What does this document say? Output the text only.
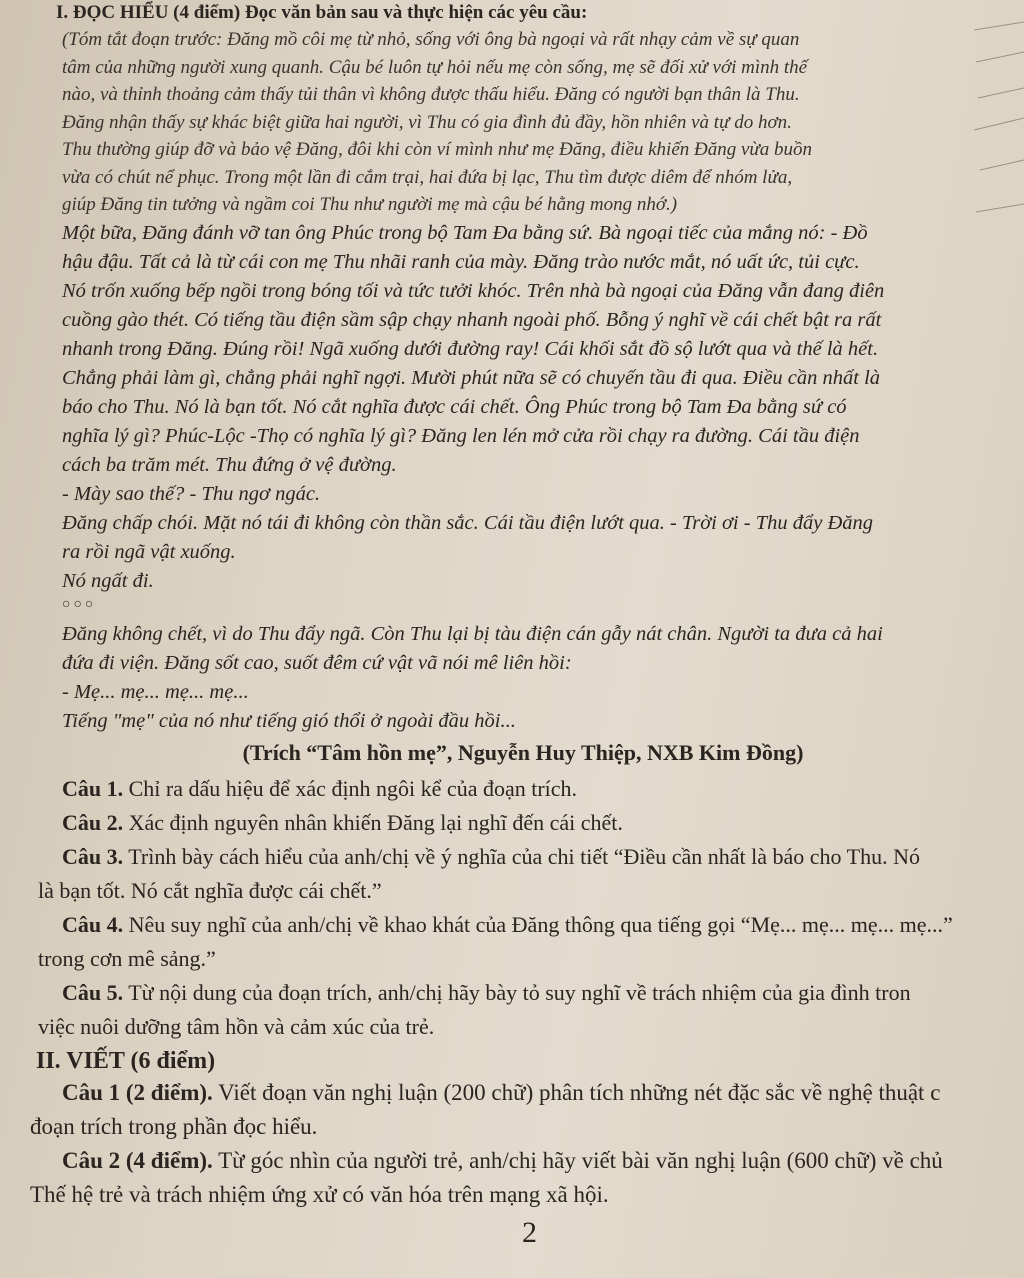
I. ĐỌC HIỂU (4 điểm) Đọc văn bản sau và thực hiện các yêu cầu:

(Tóm tắt đoạn trước: Đăng mồ côi mẹ từ nhỏ, sống với ông bà ngoại và rất nhạy cảm về sự quan
tâm của những người xung quanh. Cậu bé luôn tự hỏi nếu mẹ còn sống, mẹ sẽ đối xử với mình thế
nào, và thỉnh thoảng cảm thấy tủi thân vì không được thấu hiểu. Đăng có người bạn thân là Thu.
Đăng nhận thấy sự khác biệt giữa hai người, vì Thu có gia đình đủ đầy, hồn nhiên và tự do hơn.
Thu thường giúp đỡ và bảo vệ Đăng, đôi khi còn ví mình như mẹ Đăng, điều khiến Đăng vừa buồn
vừa có chút nể phục. Trong một lần đi cắm trại, hai đứa bị lạc, Thu tìm được diêm để nhóm lửa,
giúp Đăng tin tưởng và ngầm coi Thu như người mẹ mà cậu bé hằng mong nhớ.)

Một bữa, Đăng đánh vỡ tan ông Phúc trong bộ Tam Đa bằng sứ. Bà ngoại tiếc của mắng nó: - Đồ
hậu đậu. Tất cả là từ cái con mẹ Thu nhãi ranh của mày. Đăng trào nước mắt, nó uất ức, tủi cực.
Nó trốn xuống bếp ngồi trong bóng tối và tức tưởi khóc. Trên nhà bà ngoại của Đăng vẫn đang điên
cuồng gào thét. Có tiếng tầu điện sầm sập chạy nhanh ngoài phố. Bỗng ý nghĩ về cái chết bật ra rất
nhanh trong Đăng. Đúng rồi! Ngã xuống dưới đường ray! Cái khối sắt đồ sộ lướt qua và thế là hết.
Chẳng phải làm gì, chẳng phải nghĩ ngợi. Mười phút nữa sẽ có chuyến tầu đi qua. Điều cần nhất là
báo cho Thu. Nó là bạn tốt. Nó cắt nghĩa được cái chết. Ông Phúc trong bộ Tam Đa bằng sứ có
nghĩa lý gì? Phúc-Lộc -Thọ có nghĩa lý gì? Đăng len lén mở cửa rồi chạy ra đường. Cái tầu điện
cách ba trăm mét. Thu đứng ở vệ đường.
- Mày sao thế? - Thu ngơ ngác.
Đăng chấp chói. Mặt nó tái đi không còn thần sắc. Cái tầu điện lướt qua. - Trời ơi - Thu đẩy Đăng
ra rồi ngã vật xuống.
Nó ngất đi.

○○○

Đăng không chết, vì do Thu đẩy ngã. Còn Thu lại bị tàu điện cán gẫy nát chân. Người ta đưa cả hai
đứa đi viện. Đăng sốt cao, suốt đêm cứ vật vã nói mê liên hồi:
- Mẹ... mẹ... mẹ... mẹ...
Tiếng "mẹ" của nó như tiếng gió thổi ở ngoài đầu hồi...

(Trích “Tâm hồn mẹ”, Nguyễn Huy Thiệp, NXB Kim Đồng)

Câu 1. Chỉ ra dấu hiệu để xác định ngôi kể của đoạn trích.

Câu 2. Xác định nguyên nhân khiến Đăng lại nghĩ đến cái chết.

Câu 3. Trình bày cách hiểu của anh/chị về ý nghĩa của chi tiết “Điều cần nhất là báo cho Thu. Nó

là bạn tốt. Nó cắt nghĩa được cái chết.”

Câu 4. Nêu suy nghĩ của anh/chị về khao khát của Đăng thông qua tiếng gọi “Mẹ... mẹ... mẹ... mẹ...”

trong cơn mê sảng.”

Câu 5. Từ nội dung của đoạn trích, anh/chị hãy bày tỏ suy nghĩ về trách nhiệm của gia đình tron

việc nuôi dưỡng tâm hồn và cảm xúc của trẻ.

II. VIẾT (6 điểm)

Câu 1 (2 điểm). Viết đoạn văn nghị luận (200 chữ) phân tích những nét đặc sắc về nghệ thuật c

đoạn trích trong phần đọc hiểu.

Câu 2 (4 điểm). Từ góc nhìn của người trẻ, anh/chị hãy viết bài văn nghị luận (600 chữ) về chủ

Thế hệ trẻ và trách nhiệm ứng xử có văn hóa trên mạng xã hội.

2
